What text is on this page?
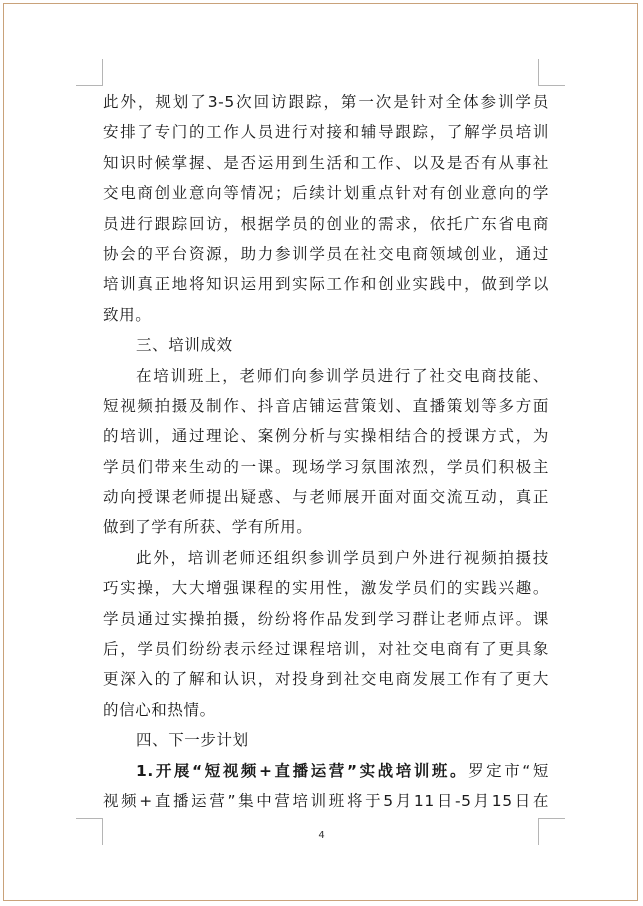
此外，规划了3-5次回访跟踪，第一次是针对全体参训学员
安排了专门的工作人员进行对接和辅导跟踪，了解学员培训
知识时候掌握、是否运用到生活和工作、以及是否有从事社
交电商创业意向等情况；后续计划重点针对有创业意向的学
员进行跟踪回访，根据学员的创业的需求，依托广东省电商
协会的平台资源，助力参训学员在社交电商领域创业，通过
培训真正地将知识运用到实际工作和创业实践中，做到学以
致用。
三、培训成效
在培训班上，老师们向参训学员进行了社交电商技能、
短视频拍摄及制作、抖音店铺运营策划、直播策划等多方面
的培训，通过理论、案例分析与实操相结合的授课方式，为
学员们带来生动的一课。现场学习氛围浓烈，学员们积极主
动向授课老师提出疑惑、与老师展开面对面交流互动，真正
做到了学有所获、学有所用。
此外，培训老师还组织参训学员到户外进行视频拍摄技
巧实操，大大增强课程的实用性，激发学员们的实践兴趣。
学员通过实操拍摄，纷纷将作品发到学习群让老师点评。课
后，学员们纷纷表示经过课程培训，对社交电商有了更具象
更深入的了解和认识，对投身到社交电商发展工作有了更大
的信心和热情。
四、下一步计划
1.开展“短视频+直播运营”实战培训班。罗定市“短
视频+直播运营”集中营培训班将于5月11日-5月15日在
4
